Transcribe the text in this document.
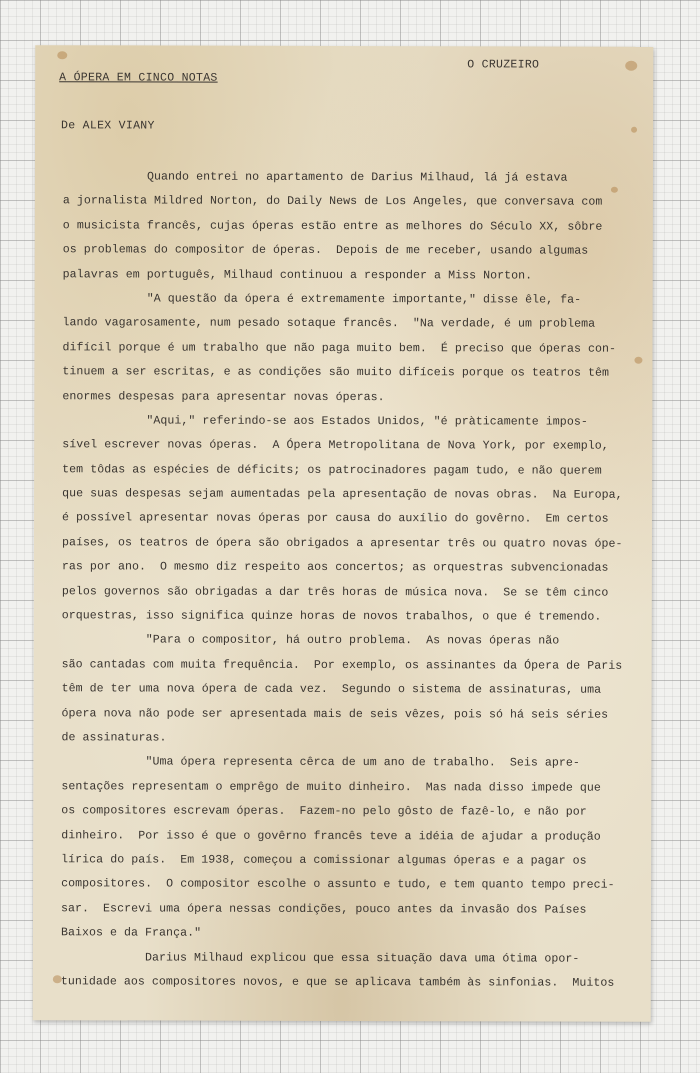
O CRUZEIRO
A ÓPERA EM CINCO NOTAS
De ALEX VIANY
Quando entrei no apartamento de Darius Milhaud, lá já estava
a jornalista Mildred Norton, do Daily News de Los Angeles, que conversava com
o musicista francês, cujas óperas estão entre as melhores do Século XX, sôbre
os problemas do compositor de óperas.  Depois de me receber, usando algumas
palavras em português, Milhaud continuou a responder a Miss Norton.
"A questão da ópera é extremamente importante," disse êle, fa-
lando vagarosamente, num pesado sotaque francês.  "Na verdade, é um problema
difícil porque é um trabalho que não paga muito bem.  É preciso que óperas con-
tinuem a ser escritas, e as condições são muito difíceis porque os teatros têm
enormes despesas para apresentar novas óperas.
"Aqui," referindo-se aos Estados Unidos, "é pràticamente impos-
sível escrever novas óperas.  A Ópera Metropolitana de Nova York, por exemplo,
tem tôdas as espécies de déficits; os patrocinadores pagam tudo, e não querem
que suas despesas sejam aumentadas pela apresentação de novas obras.  Na Europa,
é possível apresentar novas óperas por causa do auxílio do govêrno.  Em certos
países, os teatros de ópera são obrigados a apresentar três ou quatro novas ópe-
ras por ano.  O mesmo diz respeito aos concertos; as orquestras subvencionadas
pelos governos são obrigadas a dar três horas de música nova.  Se se têm cinco
orquestras, isso significa quinze horas de novos trabalhos, o que é tremendo.
"Para o compositor, há outro problema.  As novas óperas não
são cantadas com muita frequência.  Por exemplo, os assinantes da Ópera de Paris
têm de ter uma nova ópera de cada vez.  Segundo o sistema de assinaturas, uma
ópera nova não pode ser apresentada mais de seis vêzes, pois só há seis séries
de assinaturas.
"Uma ópera representa cêrca de um ano de trabalho.  Seis apre-
sentações representam o emprêgo de muito dinheiro.  Mas nada disso impede que
os compositores escrevam óperas.  Fazem-no pelo gôsto de fazê-lo, e não por
dinheiro.  Por isso é que o govêrno francês teve a idéia de ajudar a produção
lírica do país.  Em 1938, começou a comissionar algumas óperas e a pagar os
compositores.  O compositor escolhe o assunto e tudo, e tem quanto tempo preci-
sar.  Escrevi uma ópera nessas condições, pouco antes da invasão dos Países
Baixos e da França."
Darius Milhaud explicou que essa situação dava uma ótima opor-
tunidade aos compositores novos, e que se aplicava também às sinfonias.  Muitos
